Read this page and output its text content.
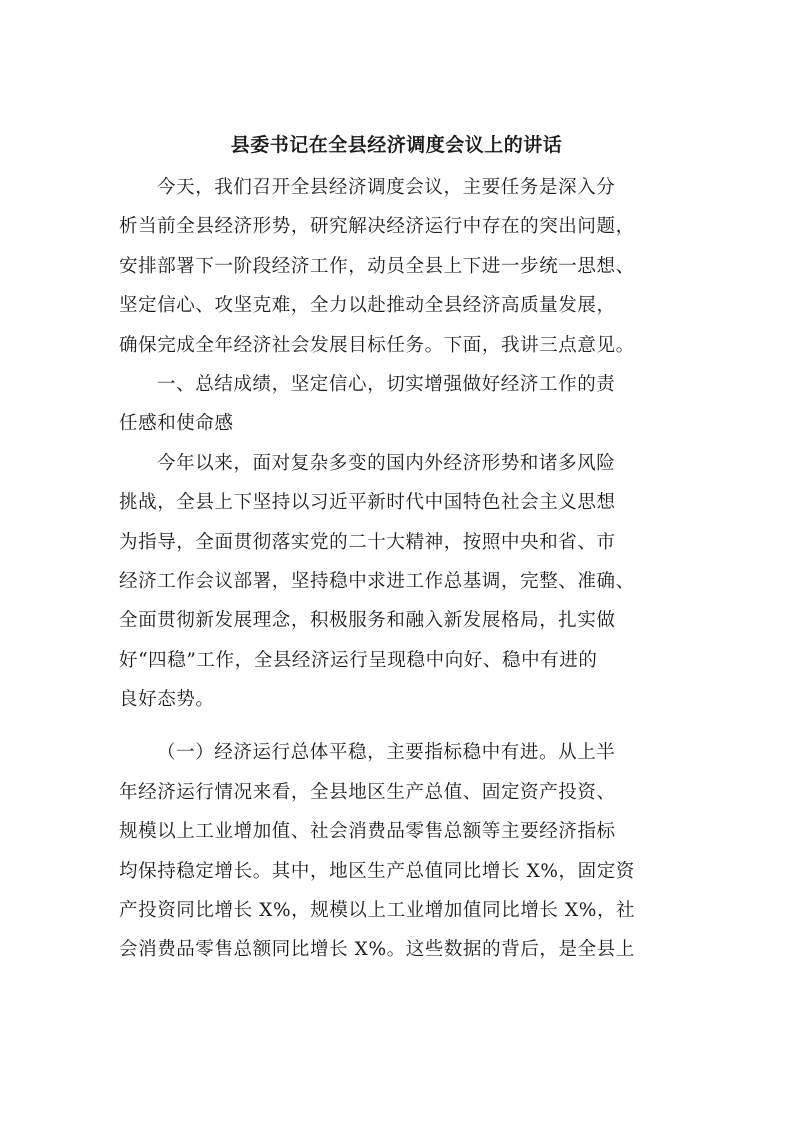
县委书记在全县经济调度会议上的讲话
今天，我们召开全县经济调度会议，主要任务是深入分
析当前全县经济形势，研究解决经济运行中存在的突出问题，
安排部署下一阶段经济工作，动员全县上下进一步统一思想、
坚定信心、攻坚克难，全力以赴推动全县经济高质量发展，
确保完成全年经济社会发展目标任务。下面，我讲三点意见。
一、总结成绩，坚定信心，切实增强做好经济工作的责
任感和使命感
今年以来，面对复杂多变的国内外经济形势和诸多风险
挑战，全县上下坚持以习近平新时代中国特色社会主义思想
为指导，全面贯彻落实党的二十大精神，按照中央和省、市
经济工作会议部署，坚持稳中求进工作总基调，完整、准确、
全面贯彻新发展理念，积极服务和融入新发展格局，扎实做
好“四稳”工作，全县经济运行呈现稳中向好、稳中有进的
良好态势。
（一）经济运行总体平稳，主要指标稳中有进。从上半
年经济运行情况来看，全县地区生产总值、固定资产投资、
规模以上工业增加值、社会消费品零售总额等主要经济指标
均保持稳定增长。其中，地区生产总值同比增长 X%，固定资
产投资同比增长 X%，规模以上工业增加值同比增长 X%，社
会消费品零售总额同比增长 X%。这些数据的背后，是全县上
